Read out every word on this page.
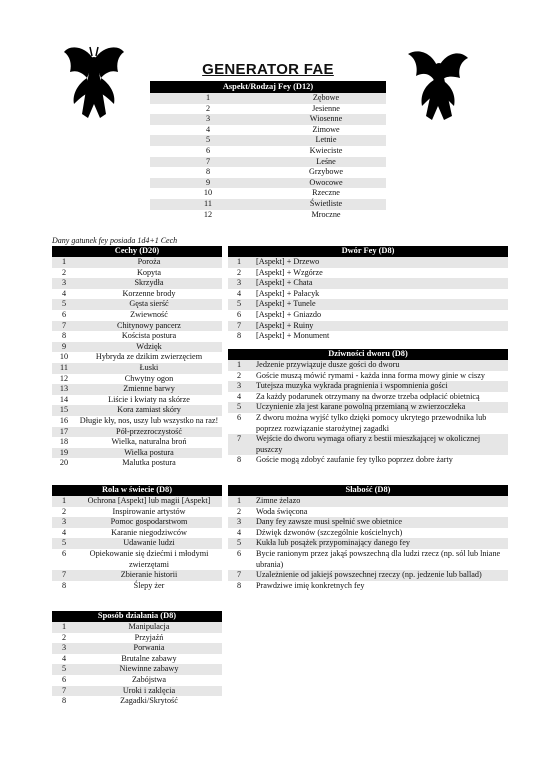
GENERATOR FAE
Aspekt/Rodzaj Fey (D12)	
1	Zębowe
2	Jesienne
3	Wiosenne
4	Zimowe
5	Letnie
6	Kwieciste
7	Leśne
8	Grzybowe
9	Owocowe
10	Rzeczne
11	Świetliste
12	Mroczne
Dany gatunek fey posiada 1d4+1 Cech
Cechy (D20)	
1	Poroża
2	Kopyta
3	Skrzydła
4	Korzenne brody
5	Gęsta sierść
6	Zwiewność
7	Chitynowy pancerz
8	Koścista postura
9	Wdzięk
10	Hybryda ze dzikim zwierzęciem
11	Łuski
12	Chwytny ogon
13	Zmienne barwy
14	Liście i kwiaty na skórze
15	Kora zamiast skóry
16	Długie kły, nos, uszy lub wszystko na raz!
17	Pół-przezroczystość
18	Wielka, naturalna broń
19	Wielka postura
20	Malutka postura
Dwór Fey (D8)	
1	[Aspekt] + Drzewo
2	[Aspekt] + Wzgórze
3	[Aspekt] + Chata
4	[Aspekt] + Pałacyk
5	[Aspekt] + Tunele
6	[Aspekt] + Gniazdo
7	[Aspekt] + Ruiny
8	[Aspekt] + Monument
Dziwności dworu (D8)	
1	Jedzenie przywiązuje dusze gości do dworu
2	Goście muszą mówić rymami - każda inna forma mowy ginie w ciszy
3	Tutejsza muzyka wykrada pragnienia i wspomnienia gości
4	Za każdy podarunek otrzymany na dworze trzeba odpłacić obietnicą
5	Uczynienie zła jest karane powolną przemianą w zwierzoczłeka
6	Z dworu można wyjść tylko dzięki pomocy ukrytego przewodnika lub poprzez rozwiązanie starożytnej zagadki
7	Wejście do dworu wymaga ofiary z bestii mieszkającej w okolicznej puszczy
8	Goście mogą zdobyć zaufanie fey tylko poprzez dobre żarty
Rola w świecie (D8)	
1	Ochrona [Aspekt] lub magii [Aspekt]
2	Inspirowanie artystów
3	Pomoc gospodarstwom
4	Karanie niegodziwców
5	Udawanie ludzi
6	Opiekowanie się dziećmi i młodymi zwierzętami
7	Zbieranie historii
8	Ślepy żer
Słabość (D8)	
1	Zimne żelazo
2	Woda święcona
3	Dany fey zawsze musi spełnić swe obietnice
4	Dźwięk dzwonów (szczególnie kościelnych)
5	Kukła lub posążek przypominający danego fey
6	Bycie ranionym przez jakąś powszechną dla ludzi rzecz (np. sól lub lniane ubrania)
7	Uzależnienie od jakiejś powszechnej rzeczy (np. jedzenie lub ballad)
8	Prawdziwe imię konkretnych fey
Sposób działania (D8)	
1	Manipulacja
2	Przyjaźń
3	Porwania
4	Brutalne zabawy
5	Niewinne zabawy
6	Zabójstwa
7	Uroki i zaklęcia
8	Zagadki/Skrytość
